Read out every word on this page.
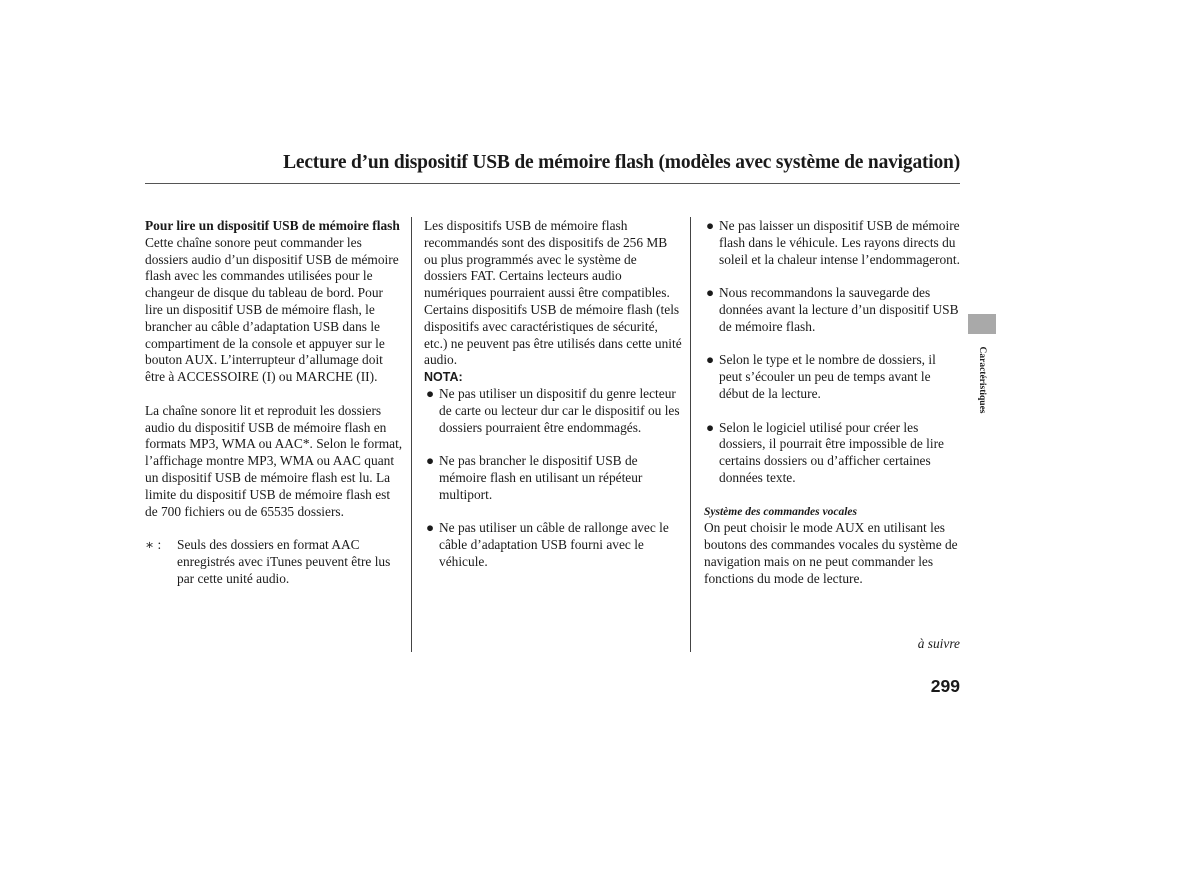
Lecture d’un dispositif USB de mémoire flash (modèles avec système de navigation)

Pour lire un dispositif USB de mémoire flash

Cette chaîne sonore peut commander les dossiers audio d’un dispositif USB de mémoire flash avec les commandes utilisées pour le changeur de disque du tableau de bord. Pour lire un dispositif USB de mémoire flash, le brancher au câble d’adaptation USB dans le compartiment de la console et appuyer sur le bouton AUX. L’interrupteur d’allumage doit être à ACCESSOIRE (I) ou MARCHE (II).

La chaîne sonore lit et reproduit les dossiers audio du dispositif USB de mémoire flash en formats MP3, WMA ou AAC*. Selon le format, l’affichage montre MP3, WMA ou AAC quant un dispositif USB de mémoire flash est lu. La limite du dispositif USB de mémoire flash est de 700 fichiers ou de 65535 dossiers.

∗ : Seuls des dossiers en format AAC enregistrés avec iTunes peuvent être lus par cette unité audio.

Les dispositifs USB de mémoire flash recommandés sont des dispositifs de 256 MB ou plus programmés avec le système de dossiers FAT. Certains lecteurs audio numériques pourraient aussi être compatibles.

Certains dispositifs USB de mémoire flash (tels dispositifs avec caractéristiques de sécurité, etc.) ne peuvent pas être utilisés dans cette unité audio.

NOTA:

● Ne pas utiliser un dispositif du genre lecteur de carte ou lecteur dur car le dispositif ou les dossiers pourraient être endommagés.
● Ne pas brancher le dispositif USB de mémoire flash en utilisant un répéteur multiport.
● Ne pas utiliser un câble de rallonge avec le câble d’adaptation USB fourni avec le véhicule.
● Ne pas laisser un dispositif USB de mémoire flash dans le véhicule. Les rayons directs du soleil et la chaleur intense l’endommageront.
● Nous recommandons la sauvegarde des données avant la lecture d’un dispositif USB de mémoire flash.
● Selon le type et le nombre de dossiers, il peut s’écouler un peu de temps avant le début de la lecture.
● Selon le logiciel utilisé pour créer les dossiers, il pourrait être impossible de lire certains dossiers ou d’afficher certaines données texte.

Système des commandes vocales

On peut choisir le mode AUX en utilisant les boutons des commandes vocales du système de navigation mais on ne peut commander les fonctions du mode de lecture.

Caractéristiques
à suivre
299
